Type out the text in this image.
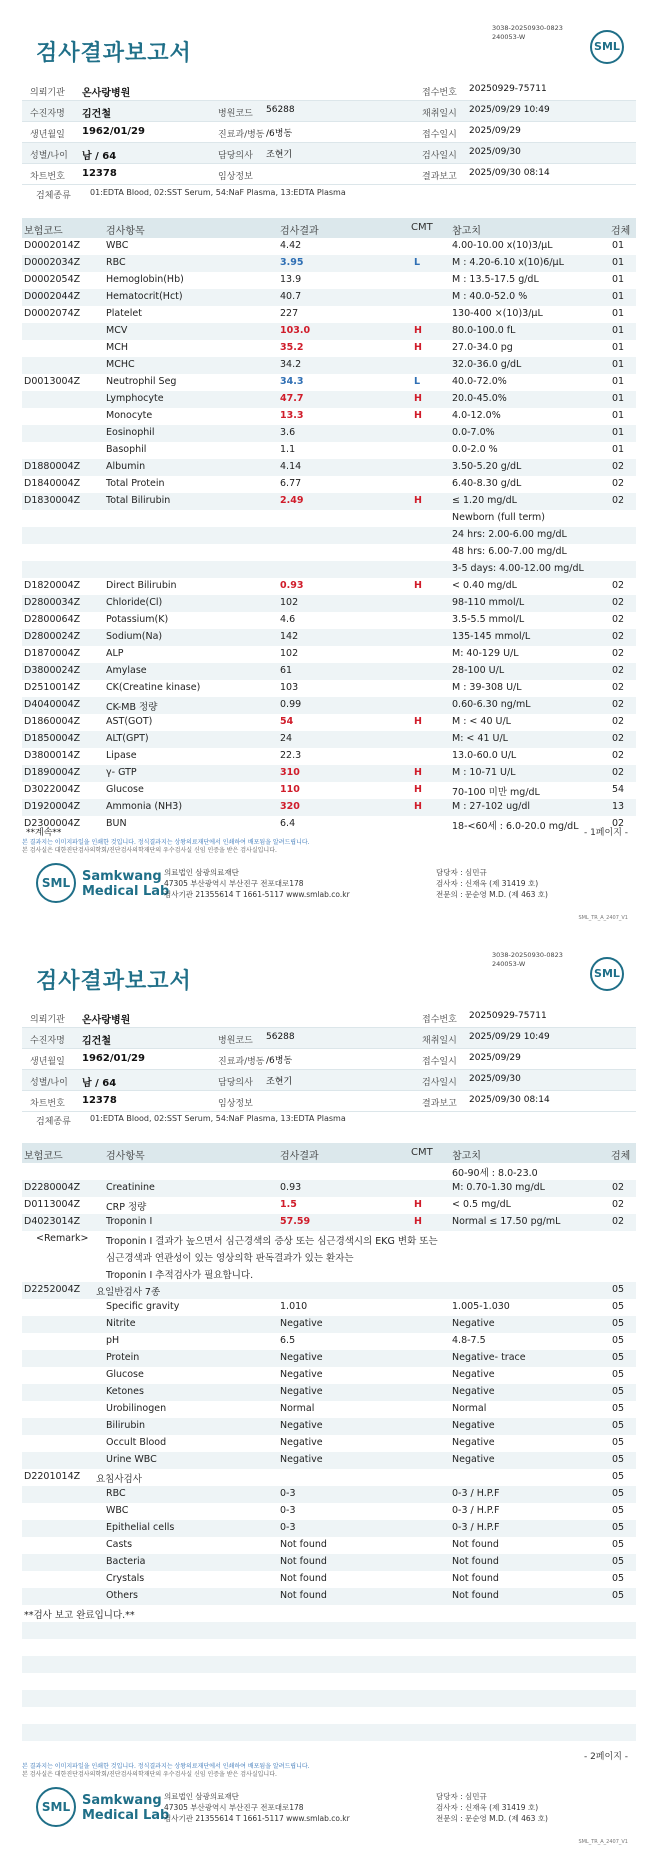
3038-20250930-0823
240053-W
검사결과보고서	SML
의뢰기관 온사랑병원	접수번호 20250929-75711
수진자명 김건철	병원코드 56288	채취일시 2025/09/29 10:49
생년월일 1962/01/29	진료과/병동 /6병동	접수일시 2025/09/29
성별/나이 남 / 64	담당의사 조현기	검사일시 2025/09/30
차트번호 12378	임상정보	결과보고 2025/09/30 08:14
검체종류 01:EDTA Blood, 02:SST Serum, 54:NaF Plasma, 13:EDTA Plasma
보험코드	검사항목	검사결과	CMT 참고치	검체
D0002014Z	WBC	4.42	4.00-10.00 x(10)3/μL	01
D0002034Z	RBC	3.95	L	M : 4.20-6.10 x(10)6/μL	01
D0002054Z	Hemoglobin(Hb)	13.9	M : 13.5-17.5 g/dL	01
D0002044Z	Hematocrit(Hct)	40.7	M : 40.0-52.0 %	01
D0002074Z	Platelet	227	130-400 ×(10)3/μL	01
MCV	103.0	H	80.0-100.0 fL	01
MCH	35.2	H	27.0-34.0 pg	01
MCHC	34.2	32.0-36.0 g/dL	01
D0013004Z	Neutrophil Seg	34.3	L	40.0-72.0%	01
Lymphocyte	47.7	H	20.0-45.0%	01
Monocyte	13.3	H	4.0-12.0%	01
Eosinophil	3.6	0.0-7.0%	01
Basophil	1.1	0.0-2.0 %	01
D1880004Z	Albumin	4.14	3.50-5.20 g/dL	02
D1840004Z	Total Protein	6.77	6.40-8.30 g/dL	02
D1830004Z	Total Bilirubin	2.49	H	≤ 1.20 mg/dL	02
Newborn (full term)
24 hrs: 2.00-6.00 mg/dL
48 hrs: 6.00-7.00 mg/dL
3-5 days: 4.00-12.00 mg/dL
D1820004Z	Direct Bilirubin	0.93	H	< 0.40 mg/dL	02
D2800034Z	Chloride(Cl)	102	98-110 mmol/L	02
D2800064Z	Potassium(K)	4.6	3.5-5.5 mmol/L	02
D2800024Z	Sodium(Na)	142	135-145 mmol/L	02
D1870004Z	ALP	102	M: 40-129 U/L	02
D3800024Z	Amylase	61	28-100 U/L	02
D2510014Z	CK(Creatine kinase)	103	M : 39-308 U/L	02
D4040004Z	CK-MB 정량	0.99	0.60-6.30 ng/mL	02
D1860004Z	AST(GOT)	54	H	M : < 40 U/L	02
D1850004Z	ALT(GPT)	24	M: < 41 U/L	02
D3800014Z	Lipase	22.3	13.0-60.0 U/L	02
D1890004Z	γ- GTP	310	H	M : 10-71 U/L	02
D3022004Z	Glucose	110	H	70-100 미만 mg/dL	54
D1920004Z	Ammonia (NH3)	320	H	M : 27-102 ug/dl	13
D2300004Z	BUN	6.4	18-<60세 : 6.0-20.0 mg/dL	02
**계속**	- 1페이지 -
본 결과지는 이미지파일을 인쇄한 것입니다. 정식결과지는 상왕의료재단에서 인쇄하여 배포됨을 알려드립니다.
본 검사실은 대한진단검사의학회/진단검사의학재단의 우수검사실 신임 인증을 받은 검사실입니다.
SML Samkwang
Medical Lab
의료법인 삼광의료재단
47305 부산광역시 부산진구 전포대로178
검사기관 21355614 T 1661-5117 www.smlab.co.kr
담당자 : 심민규
검사자 : 신재옥 (제 31419 호)
전문의 : 문순영 M.D. (제 463 호)
SML_TR_A_2407_V1
3038-20250930-0823
240053-W
검사결과보고서	SML
의뢰기관 온사랑병원	접수번호 20250929-75711
수진자명 김건철	병원코드 56288	채취일시 2025/09/29 10:49
생년월일 1962/01/29	진료과/병동 /6병동	접수일시 2025/09/29
성별/나이 남 / 64	담당의사 조현기	검사일시 2025/09/30
차트번호 12378	임상정보	결과보고 2025/09/30 08:14
검체종류 01:EDTA Blood, 02:SST Serum, 54:NaF Plasma, 13:EDTA Plasma
보험코드	검사항목	검사결과	CMT 참고치	검체
60-90세 : 8.0-23.0
D2280004Z	Creatinine	0.93	M: 0.70-1.30 mg/dL	02
D0113004Z	CRP 정량	1.5	H	< 0.5 mg/dL	02
D4023014Z	Troponin I	57.59	H	Normal ≤ 17.50 pg/mL	02
<Remark> Troponin I 결과가 높으면서 심근경색의 증상 또는 심근경색시의 EKG 변화 또는
심근경색과 연관성이 있는 영상의학 판독결과가 있는 환자는
Troponin I 추적검사가 필요합니다.
D2252004Z 요일반검사 7종	05
Specific gravity	1.010	1.005-1.030	05
Nitrite	Negative	Negative	05
pH	6.5	4.8-7.5	05
Protein	Negative	Negative- trace	05
Glucose	Negative	Negative	05
Ketones	Negative	Negative	05
Urobilinogen	Normal	Normal	05
Bilirubin	Negative	Negative	05
Occult Blood	Negative	Negative	05
Urine WBC	Negative	Negative	05
D2201014Z 요침사검사	05
RBC	0-3	0-3 / H.P.F	05
WBC	0-3	0-3 / H.P.F	05
Epithelial cells	0-3	0-3 / H.P.F	05
Casts	Not found	Not found	05
Bacteria	Not found	Not found	05
Crystals	Not found	Not found	05
Others	Not found	Not found	05
**검사 보고 완료입니다.**
- 2페이지 -
본 결과지는 이미지파일을 인쇄한 것입니다. 정식결과지는 상왕의료재단에서 인쇄하여 배포됨을 알려드립니다.
본 검사실은 대한진단검사의학회/진단검사의학재단의 우수검사실 신임 인증을 받은 검사실입니다.
SML Samkwang
Medical Lab
의료법인 삼광의료재단
47305 부산광역시 부산진구 전포대로178
검사기관 21355614 T 1661-5117 www.smlab.co.kr
담당자 : 심민규
검사자 : 신재옥 (제 31419 호)
전문의 : 문순영 M.D. (제 463 호)
SML_TR_A_2407_V1
